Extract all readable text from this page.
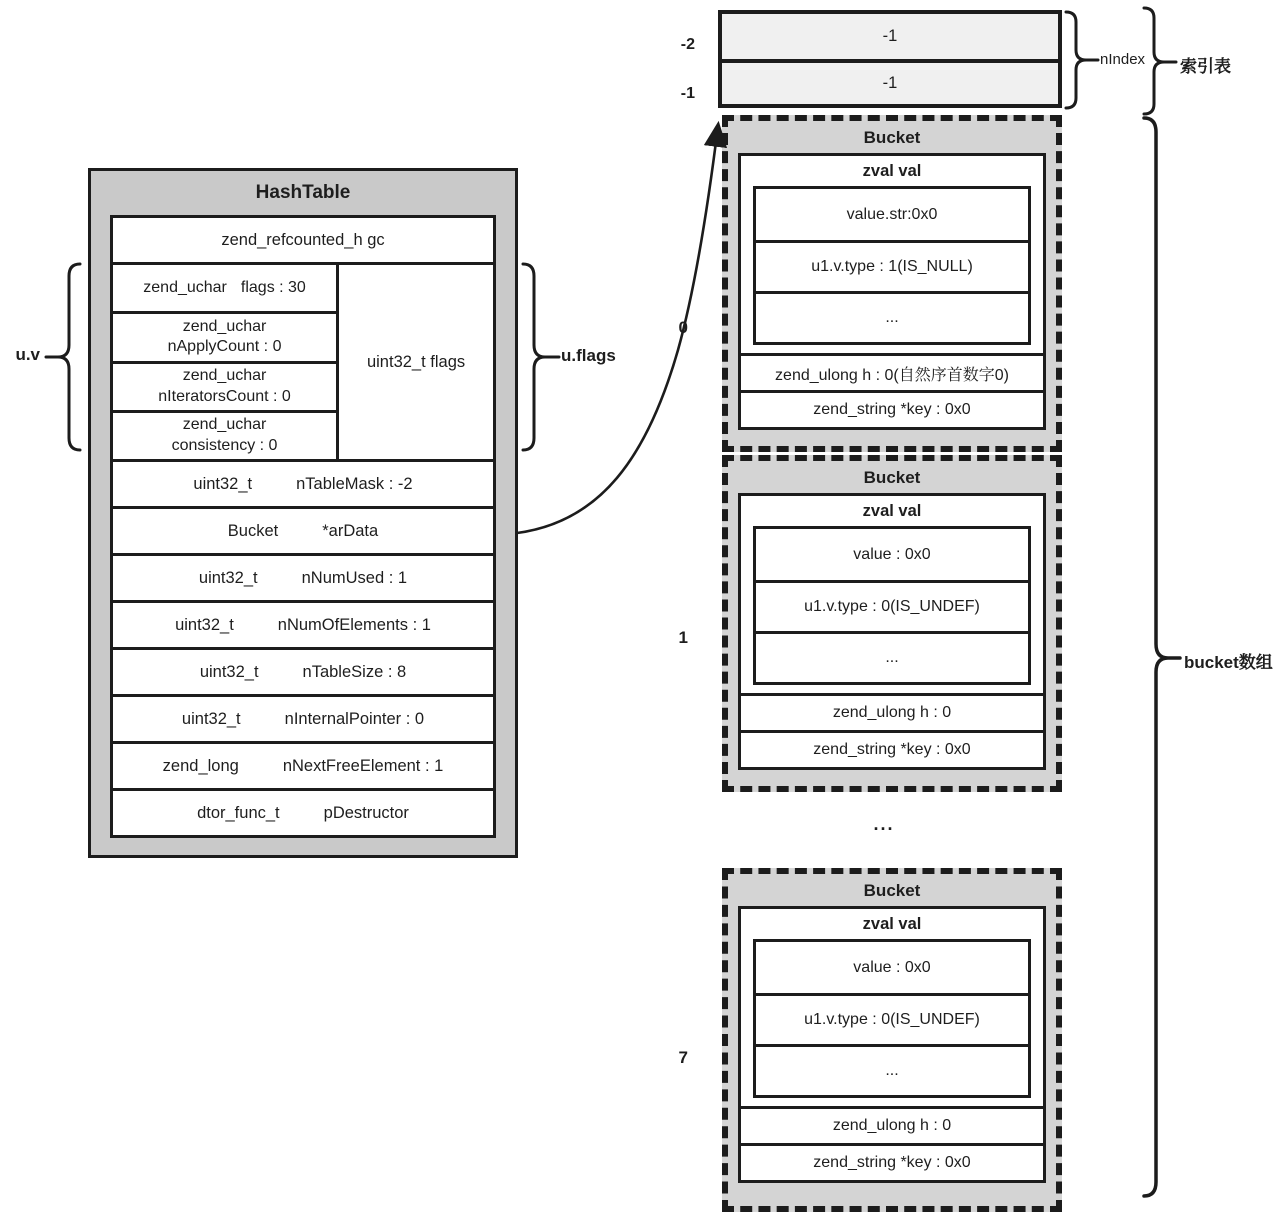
HashTable
zend_refcounted_h gc
zend_uchar flags : 30
zend_uchar
nApplyCount : 0
zend_uchar
nIteratorsCount : 0
zend_uchar
consistency : 0
uint32_t flags
uint32_t	nTableMask : -2
Bucket	*arData
uint32_t	nNumUsed : 1
uint32_t	nNumOfElements : 1
uint32_t	nTableSize : 8
uint32_t	nInternalPointer : 0
zend_long	nNextFreeElement : 1
dtor_func_t	pDestructor
u.v	u.flags
-2
-1
-1
-1
nIndex 索引表
0
Bucket
zval val
value.str:0x0
u1.v.type : 1(IS_NULL)
...
zend_ulong h : 0(自然序首数字0)
zend_string *key : 0x0
1
Bucket
zval val
value : 0x0
u1.v.type : 0(IS_UNDEF)
...
zend_ulong h : 0
zend_string *key : 0x0
...
7
Bucket
zval val
value : 0x0
u1.v.type : 0(IS_UNDEF)
...
zend_ulong h : 0
zend_string *key : 0x0
bucket数组
